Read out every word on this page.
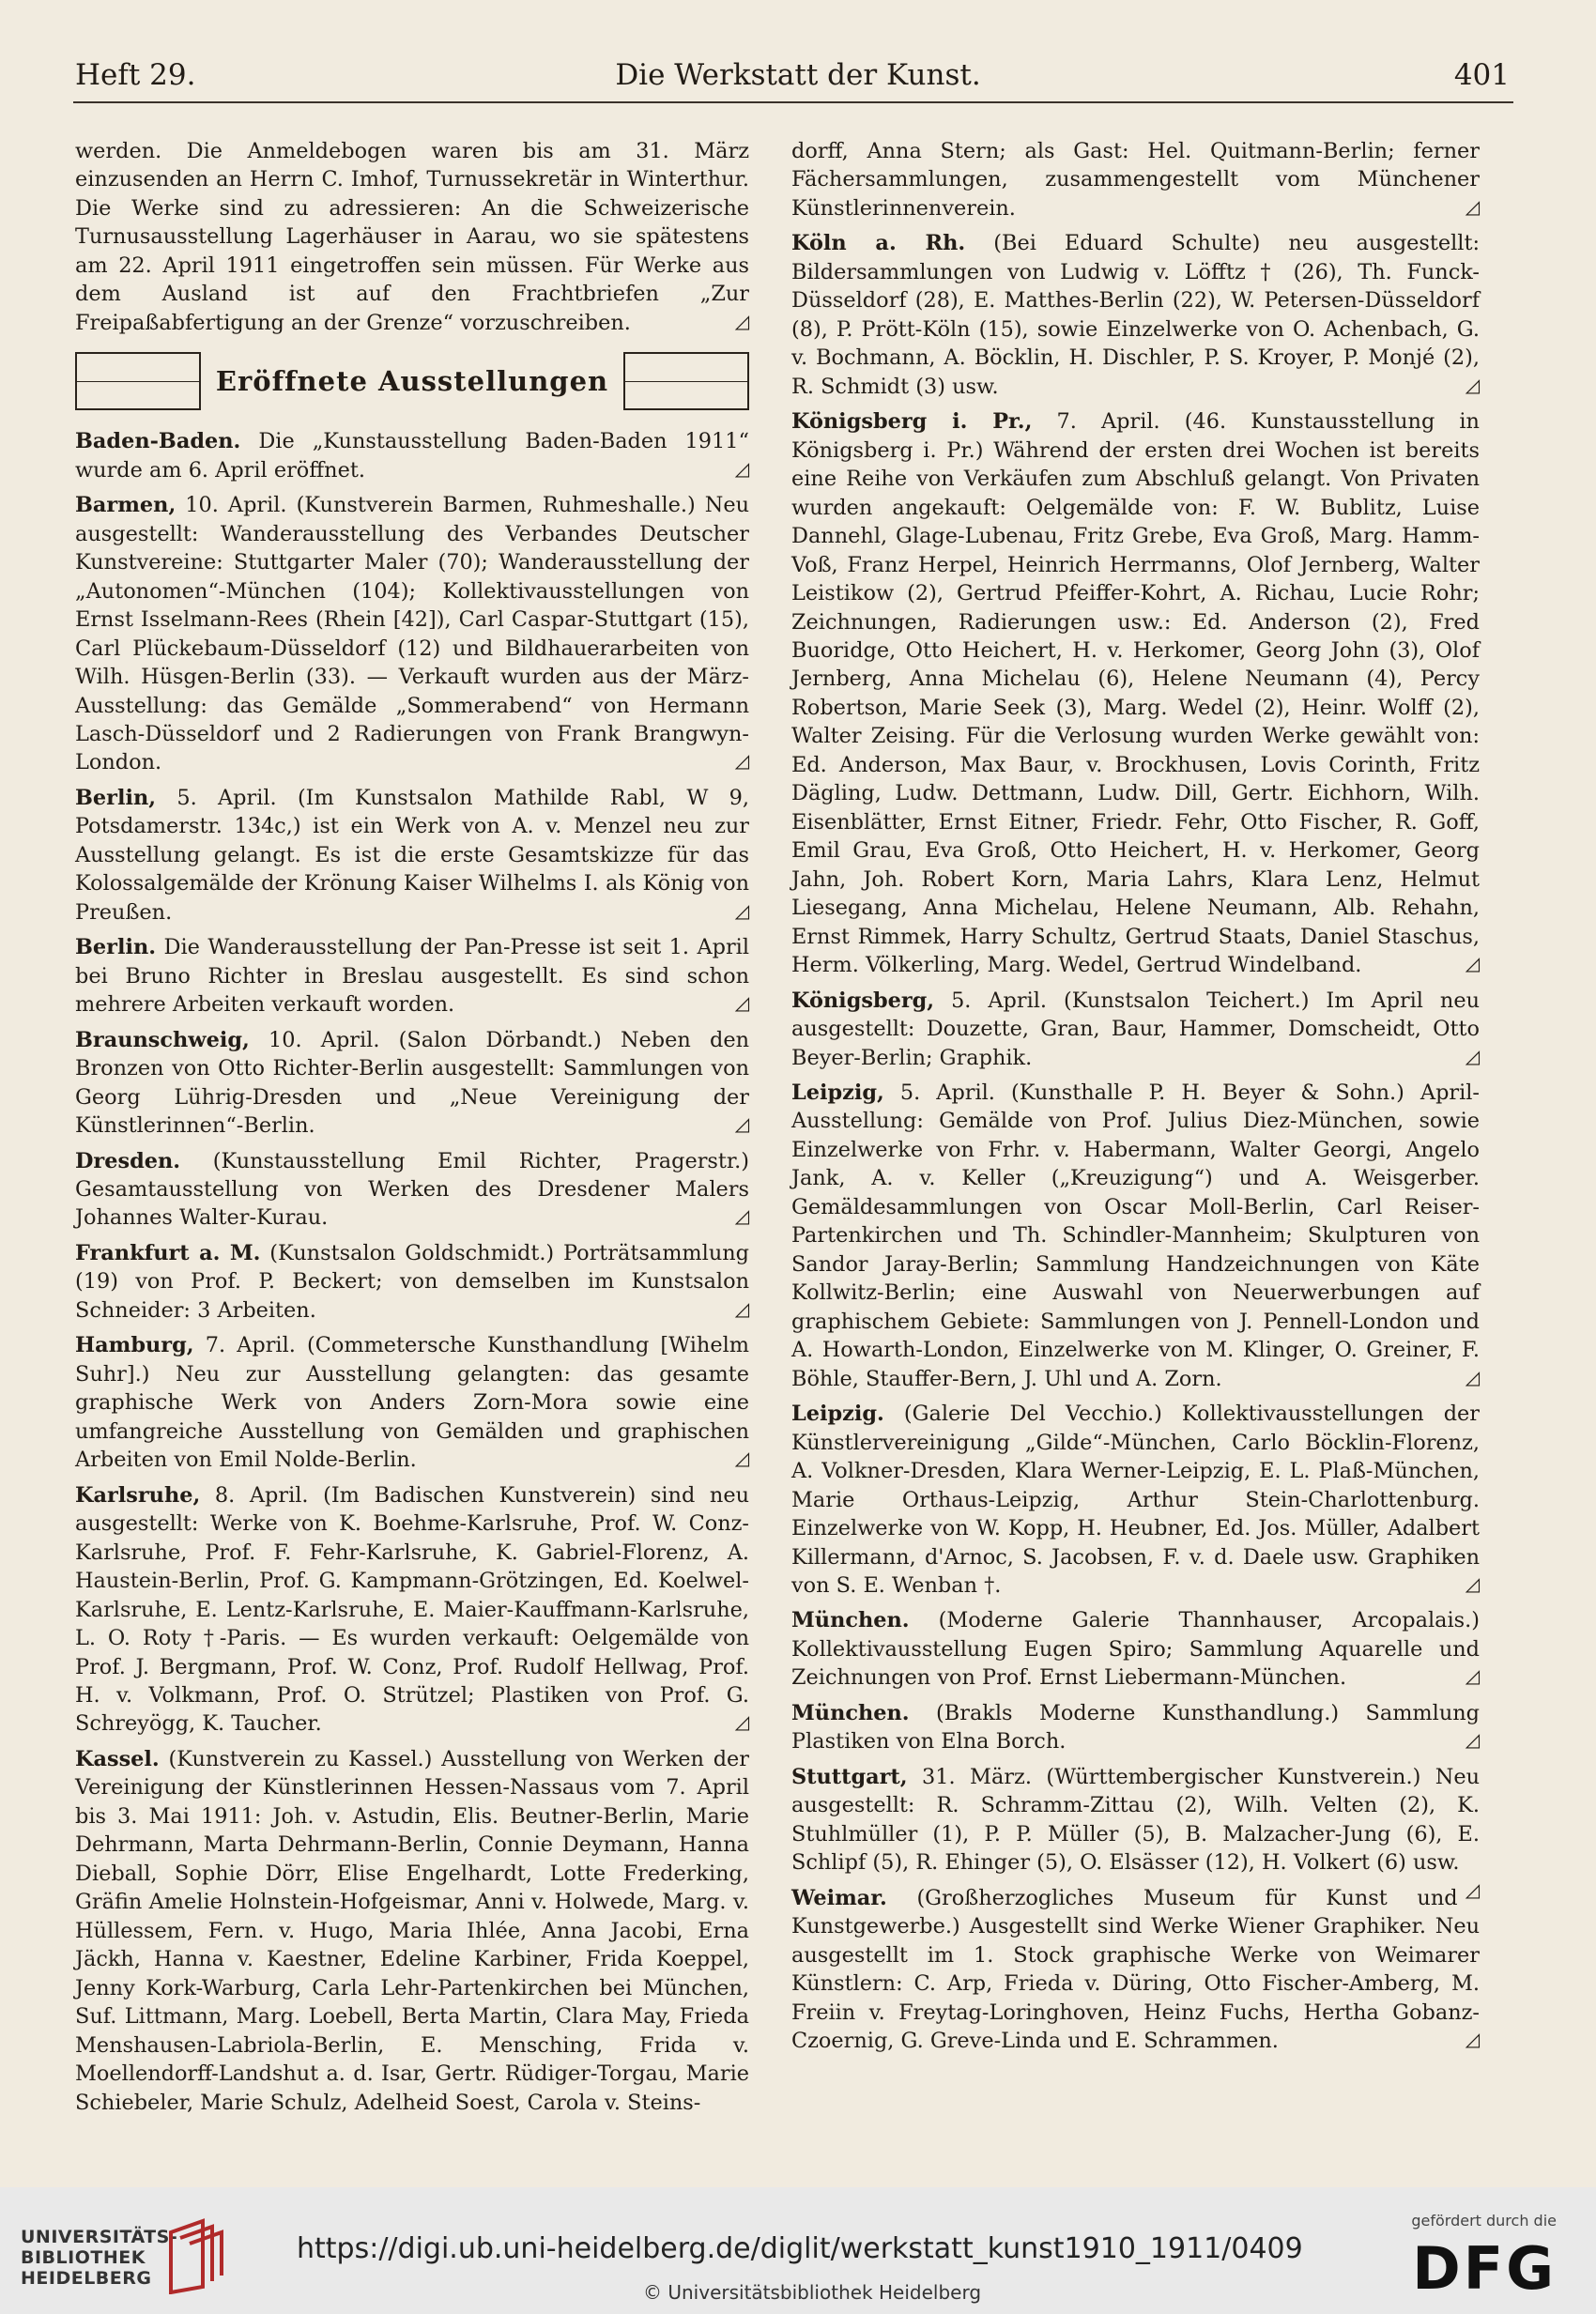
Heft 29.	Die Werkstatt der Kunst.	401

werden. Die Anmeldebogen waren bis am 31. März einzusenden an Herrn C. Imhof, Turnussekretär in Winterthur. Die Werke sind zu adressieren: An die Schweizerische Turnusausstellung Lagerhäuser in Aarau, wo sie spätestens am 22. April 1911 eingetroffen sein müssen. Für Werke aus dem Ausland ist auf den Frachtbriefen „Zur Freipaßabfertigung an der Grenze“ vorzuschreiben.	◿

Eröffnete Ausstellungen

Baden-Baden. Die „Kunstausstellung Baden-Baden 1911“ wurde am 6. April eröffnet.	◿

Barmen, 10. April. (Kunstverein Barmen, Ruhmeshalle.) Neu ausgestellt: Wanderausstellung des Verbandes Deutscher Kunstvereine: Stuttgarter Maler (70); Wanderausstellung der „Autonomen“-München (104); Kollektivausstellungen von Ernst Isselmann-Rees (Rhein [42]), Carl Caspar-Stuttgart (15), Carl Plückebaum-Düsseldorf (12) und Bildhauerarbeiten von Wilh. Hüsgen-Berlin (33). — Verkauft wurden aus der März-Ausstellung: das Gemälde „Sommerabend“ von Hermann Lasch-Düsseldorf und 2 Radierungen von Frank Brangwyn-London.	◿

Berlin, 5. April. (Im Kunstsalon Mathilde Rabl, W 9, Potsdamerstr. 134c,) ist ein Werk von A. v. Menzel neu zur Ausstellung gelangt. Es ist die erste Gesamtskizze für das Kolossalgemälde der Krönung Kaiser Wilhelms I. als König von Preußen.	◿

Berlin. Die Wanderausstellung der Pan-Presse ist seit 1. April bei Bruno Richter in Breslau ausgestellt. Es sind schon mehrere Arbeiten verkauft worden.	◿

Braunschweig, 10. April. (Salon Dörbandt.) Neben den Bronzen von Otto Richter-Berlin ausgestellt: Sammlungen von Georg Lührig-Dresden und „Neue Vereinigung der Künstlerinnen“-Berlin.	◿

Dresden. (Kunstausstellung Emil Richter, Pragerstr.) Gesamtausstellung von Werken des Dresdener Malers Johannes Walter-Kurau.	◿

Frankfurt a. M. (Kunstsalon Goldschmidt.) Porträtsammlung (19) von Prof. P. Beckert; von demselben im Kunstsalon Schneider: 3 Arbeiten.	◿

Hamburg, 7. April. (Commetersche Kunsthandlung [Wihelm Suhr].) Neu zur Ausstellung gelangten: das gesamte graphische Werk von Anders Zorn-Mora sowie eine umfangreiche Ausstellung von Gemälden und graphischen Arbeiten von Emil Nolde-Berlin.	◿

Karlsruhe, 8. April. (Im Badischen Kunstverein) sind neu ausgestellt: Werke von K. Boehme-Karlsruhe, Prof. W. Conz-Karlsruhe, Prof. F. Fehr-Karlsruhe, K. Gabriel-Florenz, A. Haustein-Berlin, Prof. G. Kampmann-Grötzingen, Ed. Koelwel-Karlsruhe, E. Lentz-Karlsruhe, E. Maier-Kauffmann-Karlsruhe, L. O. Roty †-Paris. — Es wurden verkauft: Oelgemälde von Prof. J. Bergmann, Prof. W. Conz, Prof. Rudolf Hellwag, Prof. H. v. Volkmann, Prof. O. Strützel; Plastiken von Prof. G. Schreyögg, K. Taucher.	◿

Kassel. (Kunstverein zu Kassel.) Ausstellung von Werken der Vereinigung der Künstlerinnen Hessen-Nassaus vom 7. April bis 3. Mai 1911: Joh. v. Astudin, Elis. Beutner-Berlin, Marie Dehrmann, Marta Dehrmann-Berlin, Connie Deymann, Hanna Dieball, Sophie Dörr, Elise Engelhardt, Lotte Frederking, Gräfin Amelie Holnstein-Hofgeismar, Anni v. Holwede, Marg. v. Hüllessem, Fern. v. Hugo, Maria Ihlée, Anna Jacobi, Erna Jäckh, Hanna v. Kaestner, Edeline Karbiner, Frida Koeppel, Jenny Kork-Warburg, Carla Lehr-Partenkirchen bei München, Suf. Littmann, Marg. Loebell, Berta Martin, Clara May, Frieda Menshausen-Labriola-Berlin, E. Mensching, Frida v. Moellendorff-Landshut a. d. Isar, Gertr. Rüdiger-Torgau, Marie Schiebeler, Marie Schulz, Adelheid Soest, Carola v. Steins-

dorff, Anna Stern; als Gast: Hel. Quitmann-Berlin; ferner Fächersammlungen, zusammengestellt vom Münchener Künstlerinnenverein.	◿

Köln a. Rh. (Bei Eduard Schulte) neu ausgestellt: Bildersammlungen von Ludwig v. Löfftz † (26), Th. Funck-Düsseldorf (28), E. Matthes-Berlin (22), W. Petersen-Düsseldorf (8), P. Prött-Köln (15), sowie Einzelwerke von O. Achenbach, G. v. Bochmann, A. Böcklin, H. Dischler, P. S. Kroyer, P. Monjé (2), R. Schmidt (3) usw.	◿

Königsberg i. Pr., 7. April. (46. Kunstausstellung in Königsberg i. Pr.) Während der ersten drei Wochen ist bereits eine Reihe von Verkäufen zum Abschluß gelangt. Von Privaten wurden angekauft: Oelgemälde von: F. W. Bublitz, Luise Dannehl, Glage-Lubenau, Fritz Grebe, Eva Groß, Marg. Hamm-Voß, Franz Herpel, Heinrich Herrmanns, Olof Jernberg, Walter Leistikow (2), Gertrud Pfeiffer-Kohrt, A. Richau, Lucie Rohr; Zeichnungen, Radierungen usw.: Ed. Anderson (2), Fred Buoridge, Otto Heichert, H. v. Herkomer, Georg John (3), Olof Jernberg, Anna Michelau (6), Helene Neumann (4), Percy Robertson, Marie Seek (3), Marg. Wedel (2), Heinr. Wolff (2), Walter Zeising. Für die Verlosung wurden Werke gewählt von: Ed. Anderson, Max Baur, v. Brockhusen, Lovis Corinth, Fritz Dägling, Ludw. Dettmann, Ludw. Dill, Gertr. Eichhorn, Wilh. Eisenblätter, Ernst Eitner, Friedr. Fehr, Otto Fischer, R. Goff, Emil Grau, Eva Groß, Otto Heichert, H. v. Herkomer, Georg Jahn, Joh. Robert Korn, Maria Lahrs, Klara Lenz, Helmut Liesegang, Anna Michelau, Helene Neumann, Alb. Rehahn, Ernst Rimmek, Harry Schultz, Gertrud Staats, Daniel Staschus, Herm. Völkerling, Marg. Wedel, Gertrud Windelband.	◿

Königsberg, 5. April. (Kunstsalon Teichert.) Im April neu ausgestellt: Douzette, Gran, Baur, Hammer, Domscheidt, Otto Beyer-Berlin; Graphik.	◿

Leipzig, 5. April. (Kunsthalle P. H. Beyer & Sohn.) April-Ausstellung: Gemälde von Prof. Julius Diez-München, sowie Einzelwerke von Frhr. v. Habermann, Walter Georgi, Angelo Jank, A. v. Keller („Kreuzigung“) und A. Weisgerber. Gemäldesammlungen von Oscar Moll-Berlin, Carl Reiser-Partenkirchen und Th. Schindler-Mannheim; Skulpturen von Sandor Jaray-Berlin; Sammlung Handzeichnungen von Käte Kollwitz-Berlin; eine Auswahl von Neuerwerbungen auf graphischem Gebiete: Sammlungen von J. Pennell-London und A. Howarth-London, Einzelwerke von M. Klinger, O. Greiner, F. Böhle, Stauffer-Bern, J. Uhl und A. Zorn.	◿

Leipzig. (Galerie Del Vecchio.) Kollektivausstellungen der Künstlervereinigung „Gilde“-München, Carlo Böcklin-Florenz, A. Volkner-Dresden, Klara Werner-Leipzig, E. L. Plaß-München, Marie Orthaus-Leipzig, Arthur Stein-Charlottenburg. Einzelwerke von W. Kopp, H. Heubner, Ed. Jos. Müller, Adalbert Killermann, d'Arnoc, S. Jacobsen, F. v. d. Daele usw. Graphiken von S. E. Wenban †.	◿

München. (Moderne Galerie Thannhauser, Arcopalais.) Kollektivausstellung Eugen Spiro; Sammlung Aquarelle und Zeichnungen von Prof. Ernst Liebermann-München.	◿

München. (Brakls Moderne Kunsthandlung.) Sammlung Plastiken von Elna Borch.	◿

Stuttgart, 31. März. (Württembergischer Kunstverein.) Neu ausgestellt: R. Schramm-Zittau (2), Wilh. Velten (2), K. Stuhlmüller (1), P. P. Müller (5), B. Malzacher-Jung (6), E. Schlipf (5), R. Ehinger (5), O. Elsässer (12), H. Volkert (6) usw.
◿

Weimar. (Großherzogliches Museum für Kunst und Kunstgewerbe.) Ausgestellt sind Werke Wiener Graphiker. Neu ausgestellt im 1. Stock graphische Werke von Weimarer Künstlern: C. Arp, Frieda v. Düring, Otto Fischer-Amberg, M. Freiin v. Freytag-Loringhoven, Heinz Fuchs, Hertha Gobanz-Czoernig, G. Greve-Linda und E. Schrammen.	◿

UNIVERSITÄTS-
BIBLIOTHEK
HEIDELBERG
https://digi.ub.uni-heidelberg.de/diglit/werkstatt_kunst1910_1911/0409
© Universitätsbibliothek Heidelberg
gefördert durch die
DFG
